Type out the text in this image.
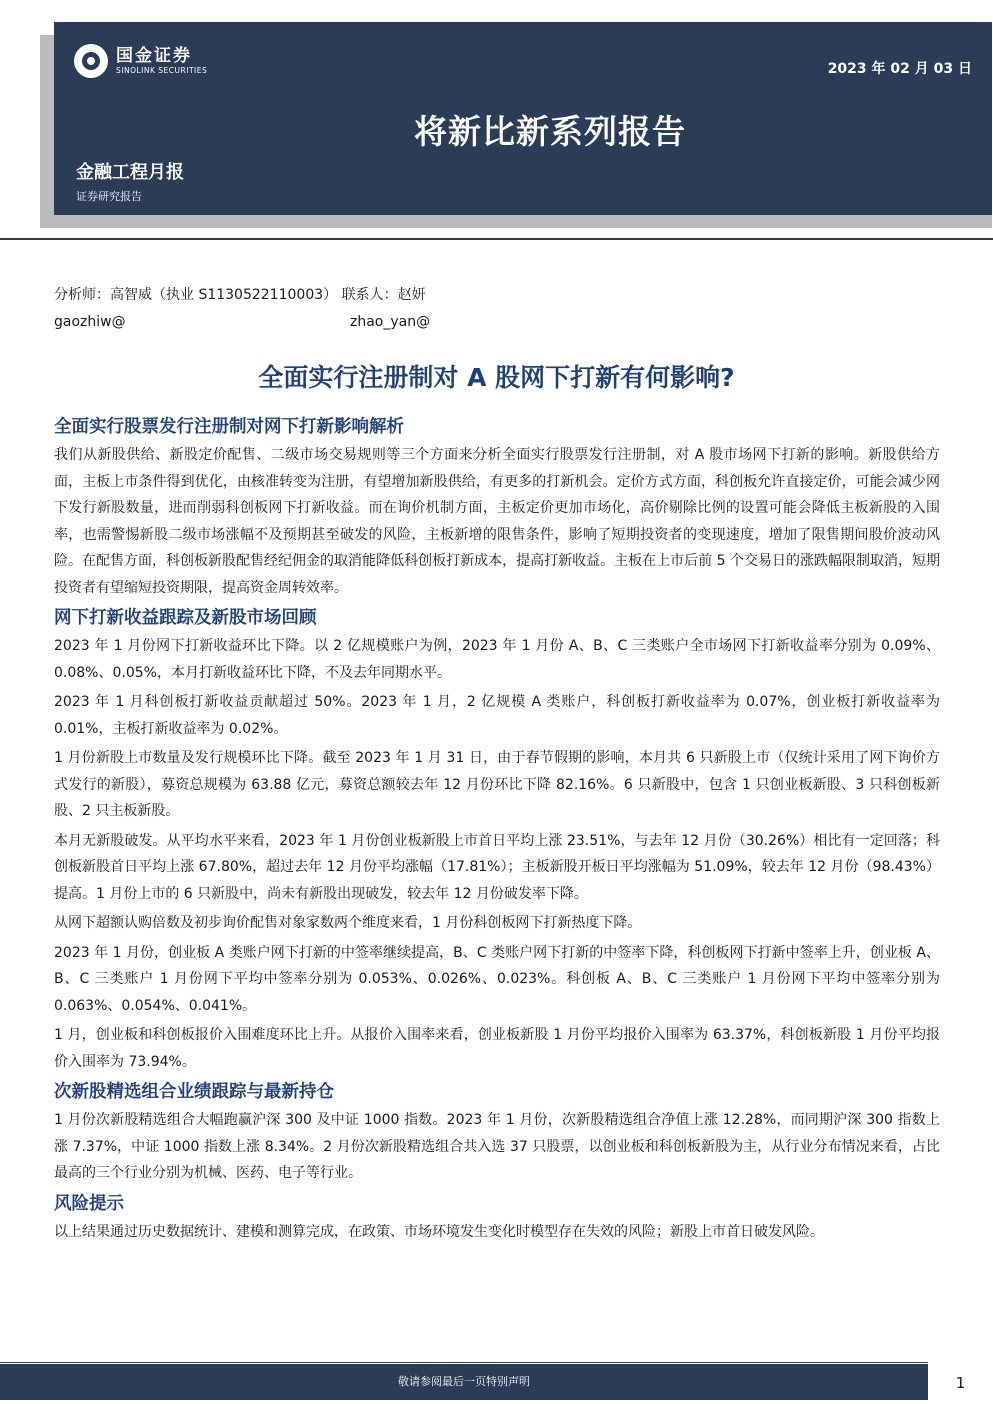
国金证券
SINOLINK SECURITIES	2023 年 02 月 03 日
将新比新系列报告
金融工程月报
证券研究报告
分析师：高智威（执业 S1130522110003） 联系人：赵妍
gaozhiw@	zhao_yan@
全面实行注册制对 A 股网下打新有何影响?
全面实行股票发行注册制对网下打新影响解析

我们从新股供给、新股定价配售、二级市场交易规则等三个方面来分析全面实行股票发行注册制，对 A 股市场网下打新的影响。新股供给方面，主板上市条件得到优化，由核准转变为注册，有望增加新股供给，有更多的打新机会。定价方式方面，科创板允许直接定价，可能会减少网下发行新股数量，进而削弱科创板网下打新收益。而在询价机制方面，主板定价更加市场化，高价剔除比例的设置可能会降低主板新股的入围率，也需警惕新股二级市场涨幅不及预期甚至破发的风险，主板新增的限售条件，影响了短期投资者的变现速度，增加了限售期间股价波动风险。在配售方面，科创板新股配售经纪佣金的取消能降低科创板打新成本，提高打新收益。主板在上市后前 5 个交易日的涨跌幅限制取消，短期投资者有望缩短投资期限，提高资金周转效率。

网下打新收益跟踪及新股市场回顾

2023 年 1 月份网下打新收益环比下降。以 2 亿规模账户为例，2023 年 1 月份 A、B、C 三类账户全市场网下打新收益率分别为 0.09%、0.08%、0.05%，本月打新收益环比下降，不及去年同期水平。

2023 年 1 月科创板打新收益贡献超过 50%。2023 年 1 月，2 亿规模 A 类账户，科创板打新收益率为 0.07%，创业板打新收益率为 0.01%，主板打新收益率为 0.02%。

1 月份新股上市数量及发行规模环比下降。截至 2023 年 1 月 31 日，由于春节假期的影响，本月共 6 只新股上市（仅统计采用了网下询价方式发行的新股），募资总规模为 63.88 亿元，募资总额较去年 12 月份环比下降 82.16%。6 只新股中，包含 1 只创业板新股、3 只科创板新股、2 只主板新股。

本月无新股破发。从平均水平来看，2023 年 1 月份创业板新股上市首日平均上涨 23.51%，与去年 12 月份（30.26%）相比有一定回落；科创板新股首日平均上涨 67.80%，超过去年 12 月份平均涨幅（17.81%）；主板新股开板日平均涨幅为 51.09%，较去年 12 月份（98.43%）提高。1 月份上市的 6 只新股中，尚未有新股出现破发，较去年 12 月份破发率下降。

从网下超额认购倍数及初步询价配售对象家数两个维度来看，1 月份科创板网下打新热度下降。

2023 年 1 月份，创业板 A 类账户网下打新的中签率继续提高，B、C 类账户网下打新的中签率下降，科创板网下打新中签率上升，创业板 A、B、C 三类账户 1 月份网下平均中签率分别为 0.053%、0.026%、0.023%。科创板 A、B、C 三类账户 1 月份网下平均中签率分别为 0.063%、0.054%、0.041%。

1 月，创业板和科创板报价入围难度环比上升。从报价入围率来看，创业板新股 1 月份平均报价入围率为 63.37%，科创板新股 1 月份平均报价入围率为 73.94%。

次新股精选组合业绩跟踪与最新持仓

1 月份次新股精选组合大幅跑赢沪深 300 及中证 1000 指数。2023 年 1 月份，次新股精选组合净值上涨 12.28%，而同期沪深 300 指数上涨 7.37%，中证 1000 指数上涨 8.34%。2 月份次新股精选组合共入选 37 只股票，以创业板和科创板新股为主，从行业分布情况来看，占比最高的三个行业分别为机械、医药、电子等行业。

风险提示

以上结果通过历史数据统计、建模和测算完成，在政策、市场环境发生变化时模型存在失效的风险；新股上市首日破发风险。

敬请参阅最后一页特别声明	1
